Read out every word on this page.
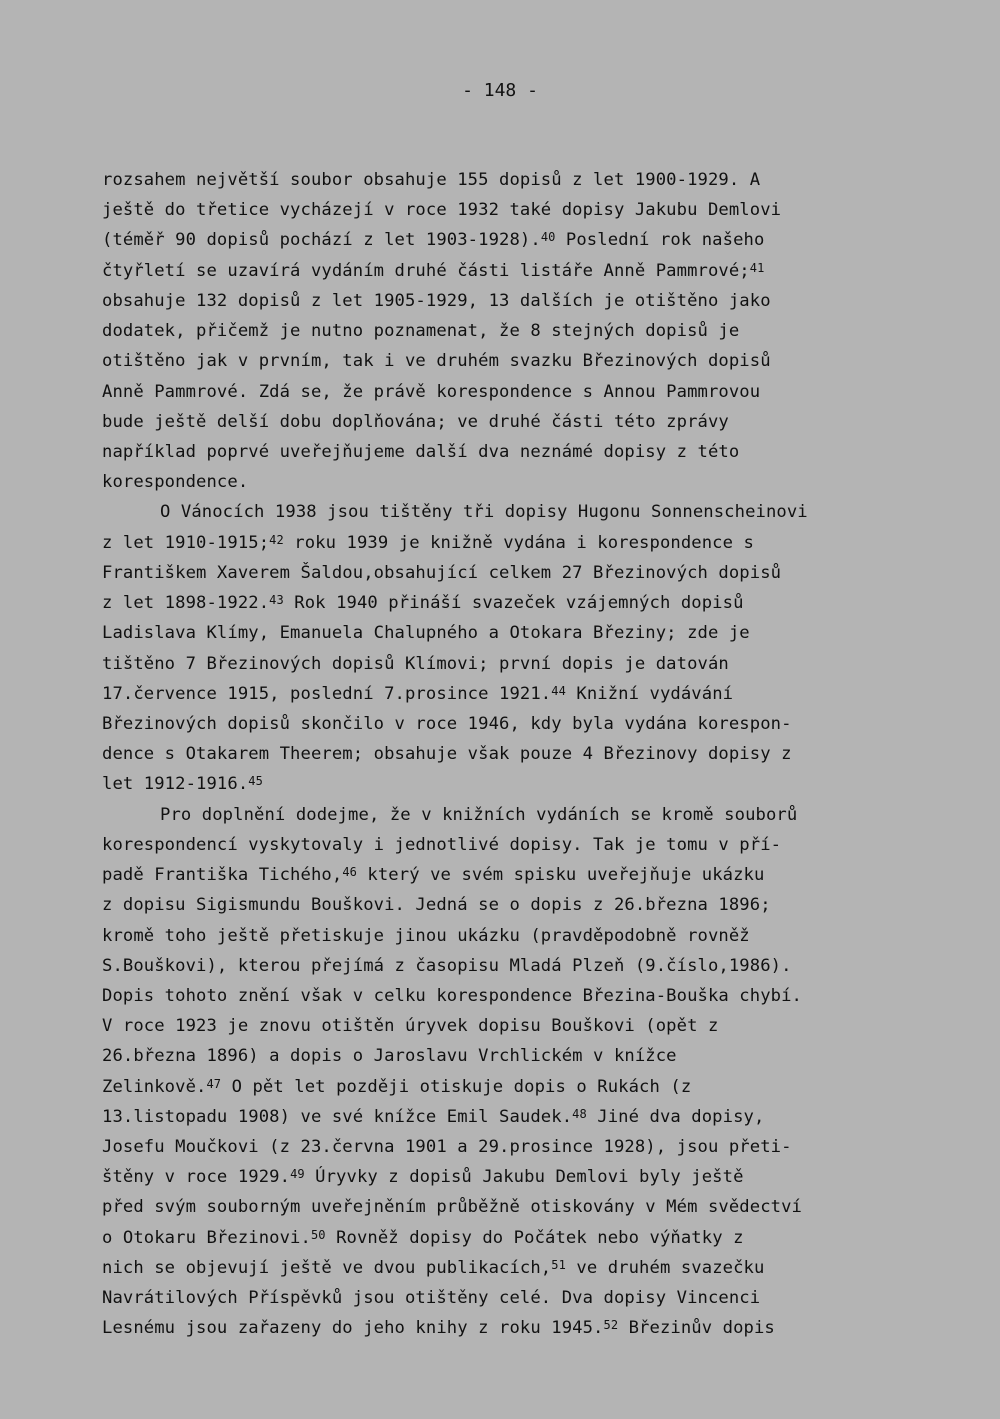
- 148 -
rozsahem největší soubor obsahuje 155 dopisů z let 1900-1929. A
ještě do třetice vycházejí v roce 1932 také dopisy Jakubu Demlovi
(téměř 90 dopisů pochází z let 1903-1928).$^{40}$ Poslední rok našeho
čtyřletí se uzavírá vydáním druhé části listáře Anně Pammrové;$^{41}$
obsahuje 132 dopisů z let 1905-1929, 13 dalších je otištěno jako
dodatek, přičemž je nutno poznamenat, že 8 stejných dopisů je
otištěno jak v prvním, tak i ve druhém svazku Březinových dopisů
Anně Pammrové. Zdá se, že právě korespondence s Annou Pammrovou
bude ještě delší dobu doplňována; ve druhé části této zprávy
například poprvé uveřejňujeme další dva neznámé dopisy z této
korespondence.
O Vánocích 1938 jsou tištěny tři dopisy Hugonu Sonnenscheinovi
z let 1910-1915;$^{42}$ roku 1939 je knižně vydána i korespondence s
Františkem Xaverem Šaldou,obsahující celkem 27 Březinových dopisů
z let 1898-1922.43 Rok 1940 přináší svazeček vzájemných dopisů
Ladislava Klímy, Emanuela Chalupného a Otokara Březiny; zde je
tištěno 7 Březinových dopisů Klímovi; první dopis je datován
17.července 1915, poslední 7.prosince 1921.44 Knižní vydávání
Březinových dopisů skončilo v roce 1946, kdy byla vydána korespon-
dence s Otakarem Theerem; obsahuje však pouze 4 Březinovy dopisy z
let 1912-1916.45
Pro doplnění dodejme, že v knižních vydáních se kromě souborů
korespondencí vyskytovaly i jednotlivé dopisy. Tak je tomu v pří-
padě Františka Tichého,$^{46}$ který ve svém spisku uveřejňuje ukázku
z dopisu Sigismundu Bouškovi. Jedná se o dopis z 26.března 1896;
kromě toho ještě přetiskuje jinou ukázku (pravděpodobně rovněž
S.Bouškovi), kterou přejímá z časopisu Mladá Plzeň (9.číslo,1986).
Dopis tohoto znění však v celku korespondence Březina-Bouška chybí.
V roce 1923 je znovu otištěn úryvek dopisu Bouškovi (opět z
26.března 1896) a dopis o Jaroslavu Vrchlickém v knížce
Zelinkově.$^{47}$ O pět let později otiskuje dopis o Rukách (z
13.listopadu 1908) ve své knížce Emil Saudek.$^{48}$ Jiné dva dopisy,
Josefu Moučkovi (z 23.června 1901 a 29.prosince 1928), jsou přeti-
štěny v roce 1929.49 Úryvky z dopisů Jakubu Demlovi byly ještě
před svým souborným uveřejněním průběžně otiskovány v Mém svědectví
o Otokaru Březinovi.$^{50}$ Rovněž dopisy do Počátek nebo výňatky z
nich se objevují ještě ve dvou publikacích,$^{51}$ ve druhém svazečku
Navrátilových Příspěvků jsou otištěny celé. Dva dopisy Vincenci
Lesnému jsou zařazeny do jeho knihy z roku 1945.52 Březinův dopis
